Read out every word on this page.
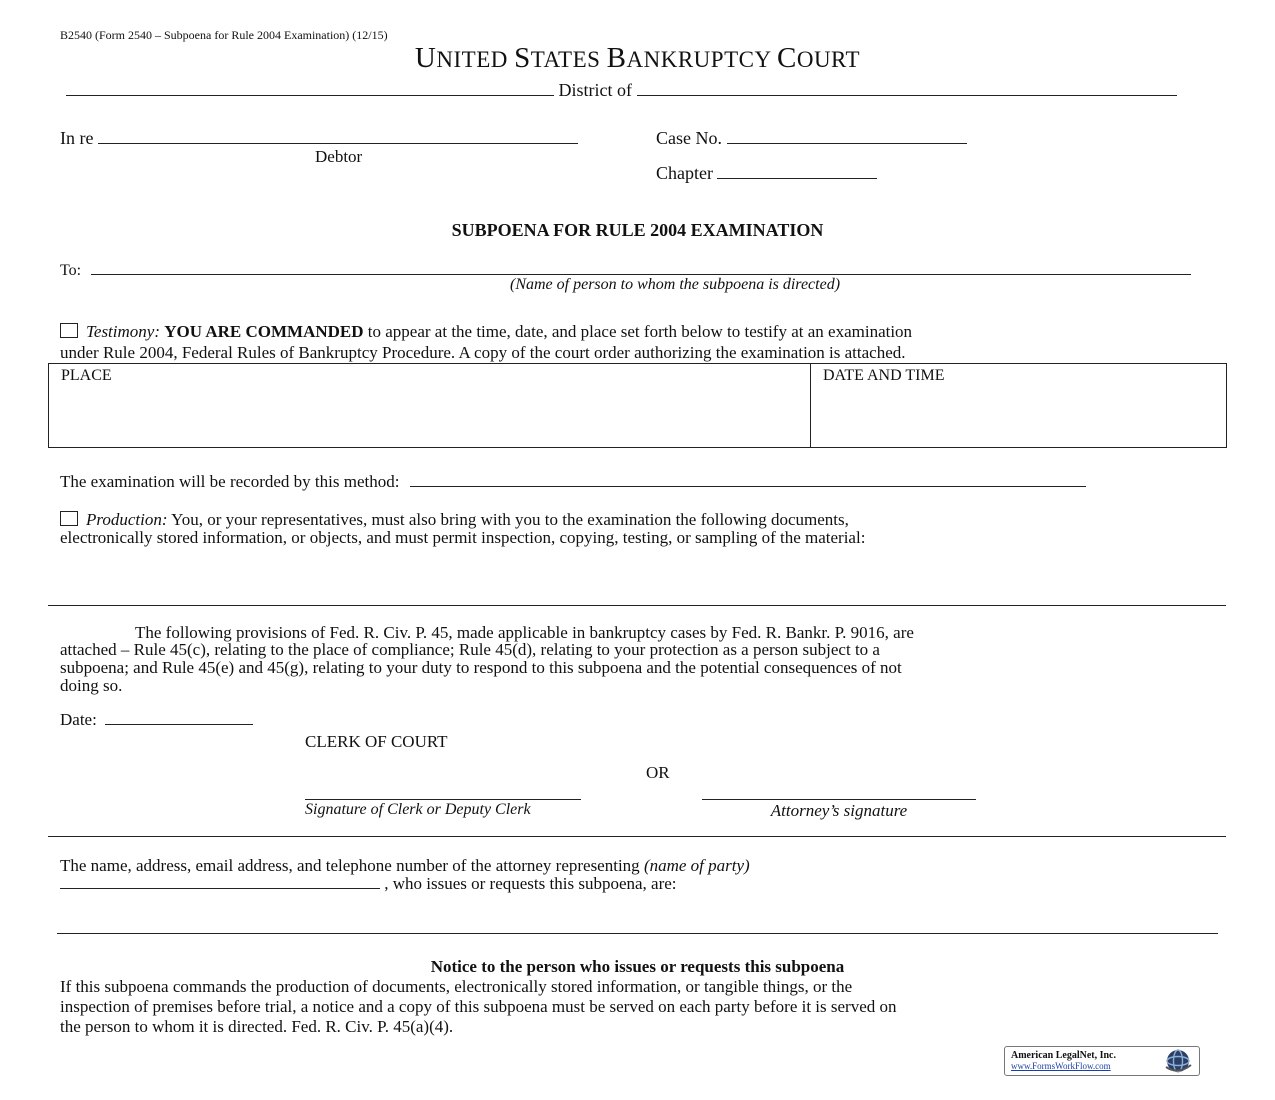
B2540 (Form 2540 – Subpoena for Rule 2004 Examination) (12/15)
UNITED STATES BANKRUPTCY COURT
District of
In re
Debtor
Case No.
Chapter
SUBPOENA FOR RULE 2004 EXAMINATION
To:
(Name of person to whom the subpoena is directed)
Testimony: YOU ARE COMMANDED to appear at the time, date, and place set forth below to testify at an examination
under Rule 2004, Federal Rules of Bankruptcy Procedure. A copy of the court order authorizing the examination is attached.
PLACE	DATE AND TIME
The examination will be recorded by this method:
Production: You, or your representatives, must also bring with you to the examination the following documents,
electronically stored information, or objects, and must permit inspection, copying, testing, or sampling of the material:
The following provisions of Fed. R. Civ. P. 45, made applicable in bankruptcy cases by Fed. R. Bankr. P. 9016, are
attached – Rule 45(c), relating to the place of compliance; Rule 45(d), relating to your protection as a person subject to a
subpoena; and Rule 45(e) and 45(g), relating to your duty to respond to this subpoena and the potential consequences of not
doing so.
Date:
CLERK OF COURT
OR
Signature of Clerk or Deputy Clerk	Attorney’s signature
The name, address, email address, and telephone number of the attorney representing (name of party)
, who issues or requests this subpoena, are:
Notice to the person who issues or requests this subpoena
If this subpoena commands the production of documents, electronically stored information, or tangible things, or the
inspection of premises before trial, a notice and a copy of this subpoena must be served on each party before it is served on
the person to whom it is directed. Fed. R. Civ. P. 45(a)(4).
American LegalNet, Inc.
www.FormsWorkFlow.com
